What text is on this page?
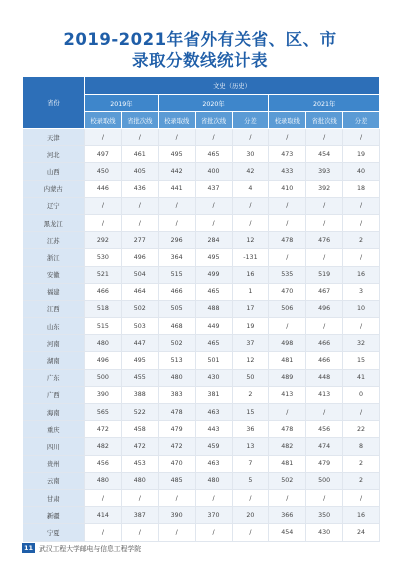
2019-2021年省外有关省、区、市
录取分数线统计表
省份	文史（历史）							
	2019年		2020年			2021年		
	校录取线	省批次线	校录取线	省批次线	分差	校录取线	省批次线	分差
天津	/	/	/	/	/	/	/	/
河北	497	461	495	465	30	473	454	19
山西	450	405	442	400	42	433	393	40
内蒙古	446	436	441	437	4	410	392	18
辽宁	/	/	/	/	/	/	/	/
黑龙江	/	/	/	/	/	/	/	/
江苏	292	277	296	284	12	478	476	2
浙江	530	496	364	495	-131	/	/	/
安徽	521	504	515	499	16	535	519	16
福建	466	464	466	465	1	470	467	3
江西	518	502	505	488	17	506	496	10
山东	515	503	468	449	19	/	/	/
河南	480	447	502	465	37	498	466	32
湖南	496	495	513	501	12	481	466	15
广东	500	455	480	430	50	489	448	41
广西	390	388	383	381	2	413	413	0
海南	565	522	478	463	15	/	/	/
重庆	472	458	479	443	36	478	456	22
四川	482	472	472	459	13	482	474	8
贵州	456	453	470	463	7	481	479	2
云南	480	480	485	480	5	502	500	2
甘肃	/	/	/	/	/	/	/	/
新疆	414	387	390	370	20	366	350	16
宁夏	/	/	/	/	/	454	430	24
11 武汉工程大学邮电与信息工程学院
